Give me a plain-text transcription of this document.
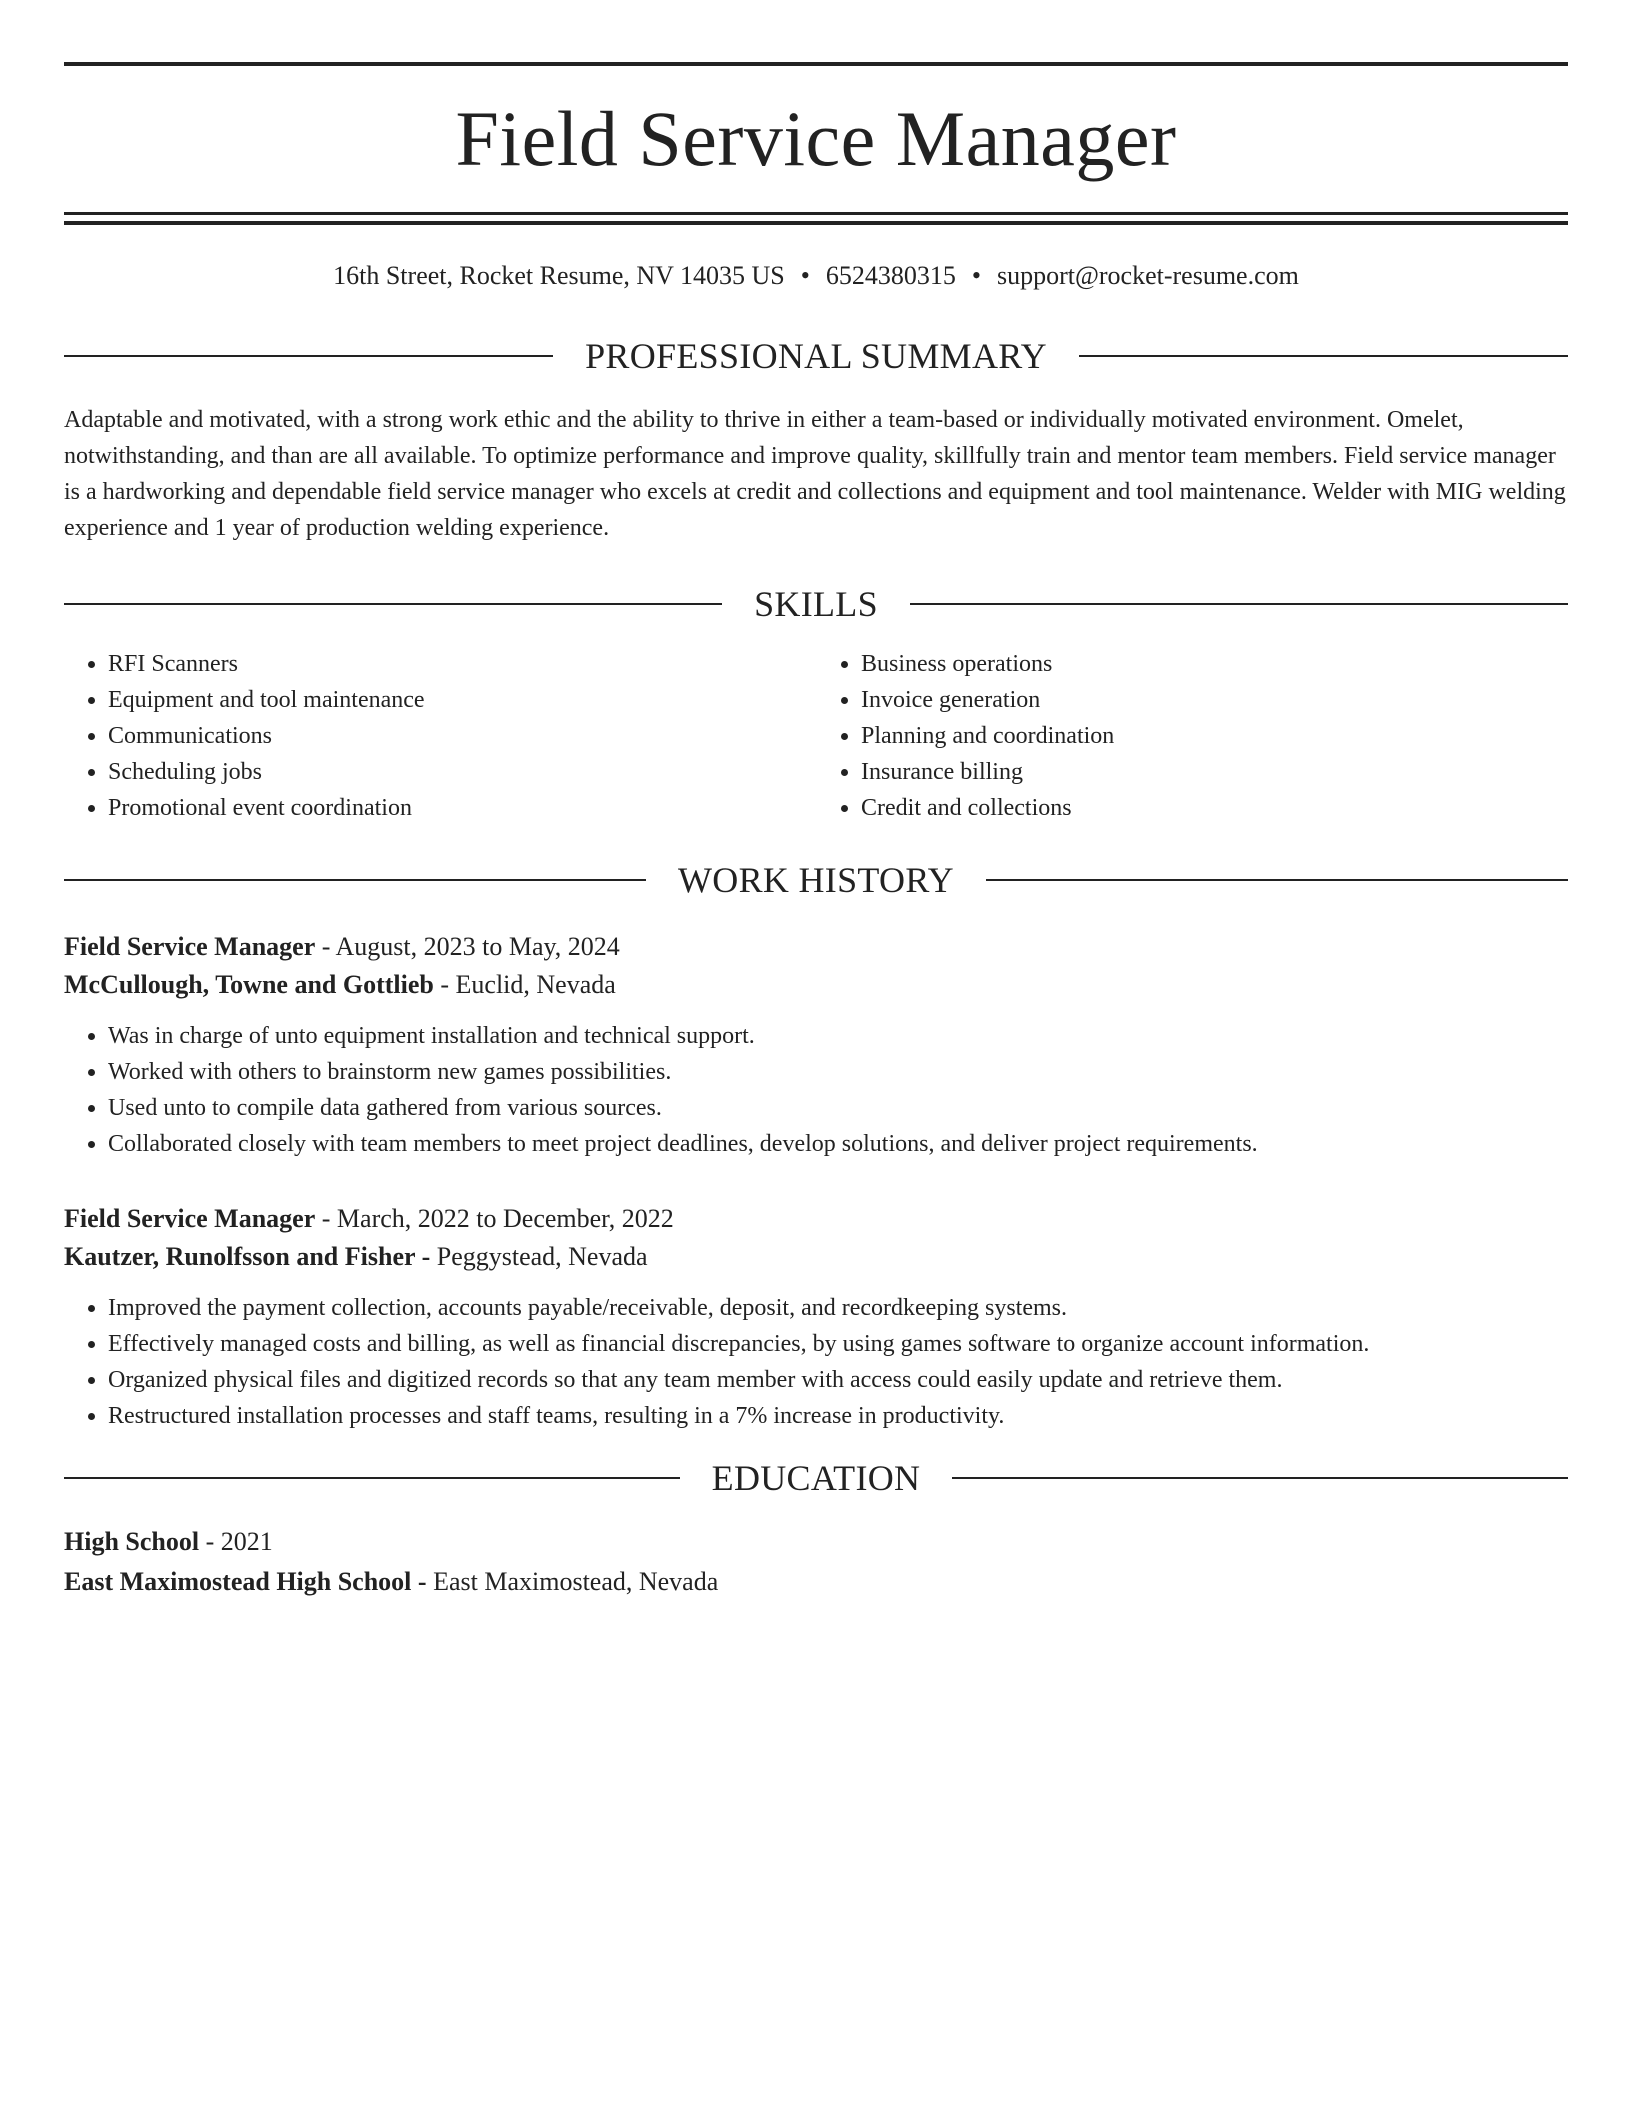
Field Service Manager
16th Street, Rocket Resume, NV 14035 US • 6524380315 • support@rocket-resume.com
PROFESSIONAL SUMMARY
Adaptable and motivated, with a strong work ethic and the ability to thrive in either a team-based or individually motivated environment. Omelet, notwithstanding, and than are all available. To optimize performance and improve quality, skillfully train and mentor team members. Field service manager is a hardworking and dependable field service manager who excels at credit and collections and equipment and tool maintenance. Welder with MIG welding experience and 1 year of production welding experience.
SKILLS
• RFI Scanners
• Equipment and tool maintenance
• Communications
• Scheduling jobs
• Promotional event coordination
• Business operations
• Invoice generation
• Planning and coordination
• Insurance billing
• Credit and collections
WORK HISTORY
Field Service Manager - August, 2023 to May, 2024
McCullough, Towne and Gottlieb - Euclid, Nevada
• Was in charge of unto equipment installation and technical support.
• Worked with others to brainstorm new games possibilities.
• Used unto to compile data gathered from various sources.
• Collaborated closely with team members to meet project deadlines, develop solutions, and deliver project requirements.
Field Service Manager - March, 2022 to December, 2022
Kautzer, Runolfsson and Fisher - Peggystead, Nevada
• Improved the payment collection, accounts payable/receivable, deposit, and recordkeeping systems.
• Effectively managed costs and billing, as well as financial discrepancies, by using games software to organize account information.
• Organized physical files and digitized records so that any team member with access could easily update and retrieve them.
• Restructured installation processes and staff teams, resulting in a 7% increase in productivity.
EDUCATION
High School - 2021
East Maximostead High School - East Maximostead, Nevada
